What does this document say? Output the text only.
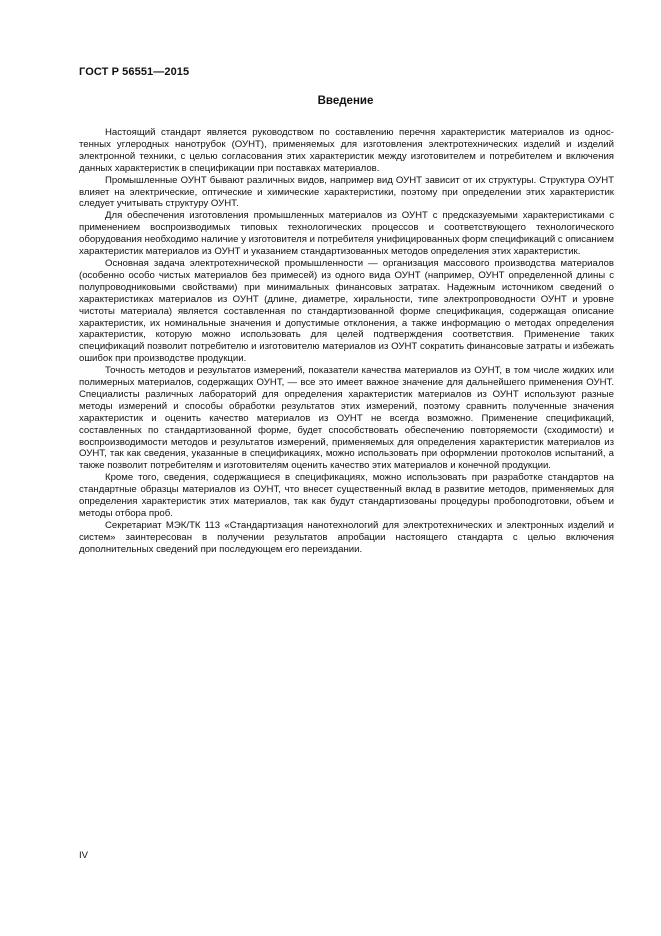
ГОСТ Р 56551—2015
Введение

Настоящий стандарт является руководством по составлению перечня характеристик материалов из одностенных углеродных нанотрубок (ОУНТ), применяемых для изготовления электротехнических изделий и изделий электронной техники, с целью согласования этих характеристик между изготовителем и потребителем и включения данных характеристик в спецификации при поставках материалов.

Промышленные ОУНТ бывают различных видов, например вид ОУНТ зависит от их структуры. Структура ОУНТ влияет на электрические, оптические и химические характеристики, поэтому при определении этих характеристик следует учитывать структуру ОУНТ.

Для обеспечения изготовления промышленных материалов из ОУНТ с предсказуемыми характеристиками с применением воспроизводимых типовых технологических процессов и соответствующего технологического оборудования необходимо наличие у изготовителя и потребителя унифицированных форм спецификаций с описанием характеристик материалов из ОУНТ и указанием стандартизованных методов определения этих характеристик.

Основная задача электротехнической промышленности — организация массового производства материалов (особенно особо чистых материалов без примесей) из одного вида ОУНТ (например, ОУНТ определенной длины с полупроводниковыми свойствами) при минимальных финансовых затратах. Надежным источником сведений о характеристиках материалов из ОУНТ (длине, диаметре, хиральности, типе электропроводности ОУНТ и уровне чистоты материала) является составленная по стандартизованной форме спецификация, содержащая описание характеристик, их номинальные значения и допустимые отклонения, а также информацию о методах определения характеристик, которую можно использовать для целей подтверждения соответствия. Применение таких спецификаций позволит потребителю и изготовителю материалов из ОУНТ сократить финансовые затраты и избежать ошибок при производстве продукции.

Точность методов и результатов измерений, показатели качества материалов из ОУНТ, в том числе жидких или полимерных материалов, содержащих ОУНТ, — все это имеет важное значение для дальнейшего применения ОУНТ. Специалисты различных лабораторий для определения характеристик материалов из ОУНТ используют разные методы измерений и способы обработки результатов этих измерений, поэтому сравнить полученные значения характеристик и оценить качество материалов из ОУНТ не всегда возможно. Применение спецификаций, составленных по стандартизованной форме, будет способствовать обеспечению повторяемости (сходимости) и воспроизводимости методов и результатов измерений, применяемых для определения характеристик материалов из ОУНТ, так как сведения, указанные в спецификациях, можно использовать при оформлении протоколов испытаний, а также позволит потребителям и изготовителям оценить качество этих материалов и конечной продукции.

Кроме того, сведения, содержащиеся в спецификациях, можно использовать при разработке стандартов на стандартные образцы материалов из ОУНТ, что внесет существенный вклад в развитие методов, применяемых для определения характеристик этих материалов, так как будут стандартизованы процедуры пробоподготовки, объем и методы отбора проб.

Секретариат МЭК/ТК 113 «Стандартизация нанотехнологий для электротехнических и электронных изделий и систем» заинтересован в получении результатов апробации настоящего стандарта с целью включения дополнительных сведений при последующем его переиздании.

IV
